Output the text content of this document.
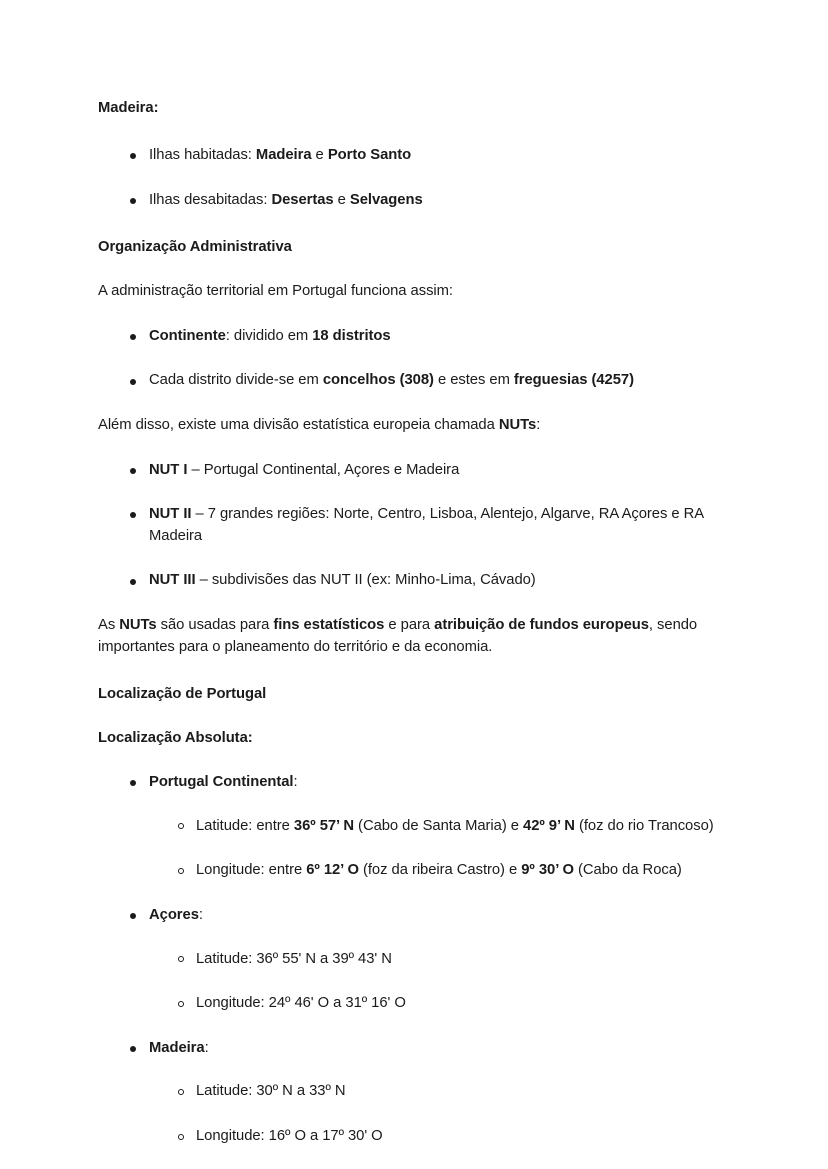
Madeira:

Ilhas habitadas: Madeira e Porto Santo
Ilhas desabitadas: Desertas e Selvagens

Organização Administrativa

A administração territorial em Portugal funciona assim:

Continente: dividido em 18 distritos
Cada distrito divide-se em concelhos (308) e estes em freguesias (4257)

Além disso, existe uma divisão estatística europeia chamada NUTs:

NUT I – Portugal Continental, Açores e Madeira
NUT II – 7 grandes regiões: Norte, Centro, Lisboa, Alentejo, Algarve, RA Açores e RA Madeira
NUT III – subdivisões das NUT II (ex: Minho-Lima, Cávado)

As NUTs são usadas para fins estatísticos e para atribuição de fundos europeus, sendo importantes para o planeamento do território e da economia.

Localização de Portugal

Localização Absoluta:

Portugal Continental:
Latitude: entre 36º 57’ N (Cabo de Santa Maria) e 42º 9’ N (foz do rio Trancoso)
Longitude: entre 6º 12’ O (foz da ribeira Castro) e 9º 30’ O (Cabo da Roca)
Açores:
Latitude: 36º 55' N a 39º 43' N
Longitude: 24º 46' O a 31º 16' O
Madeira:
Latitude: 30º N a 33º N
Longitude: 16º O a 17º 30' O
